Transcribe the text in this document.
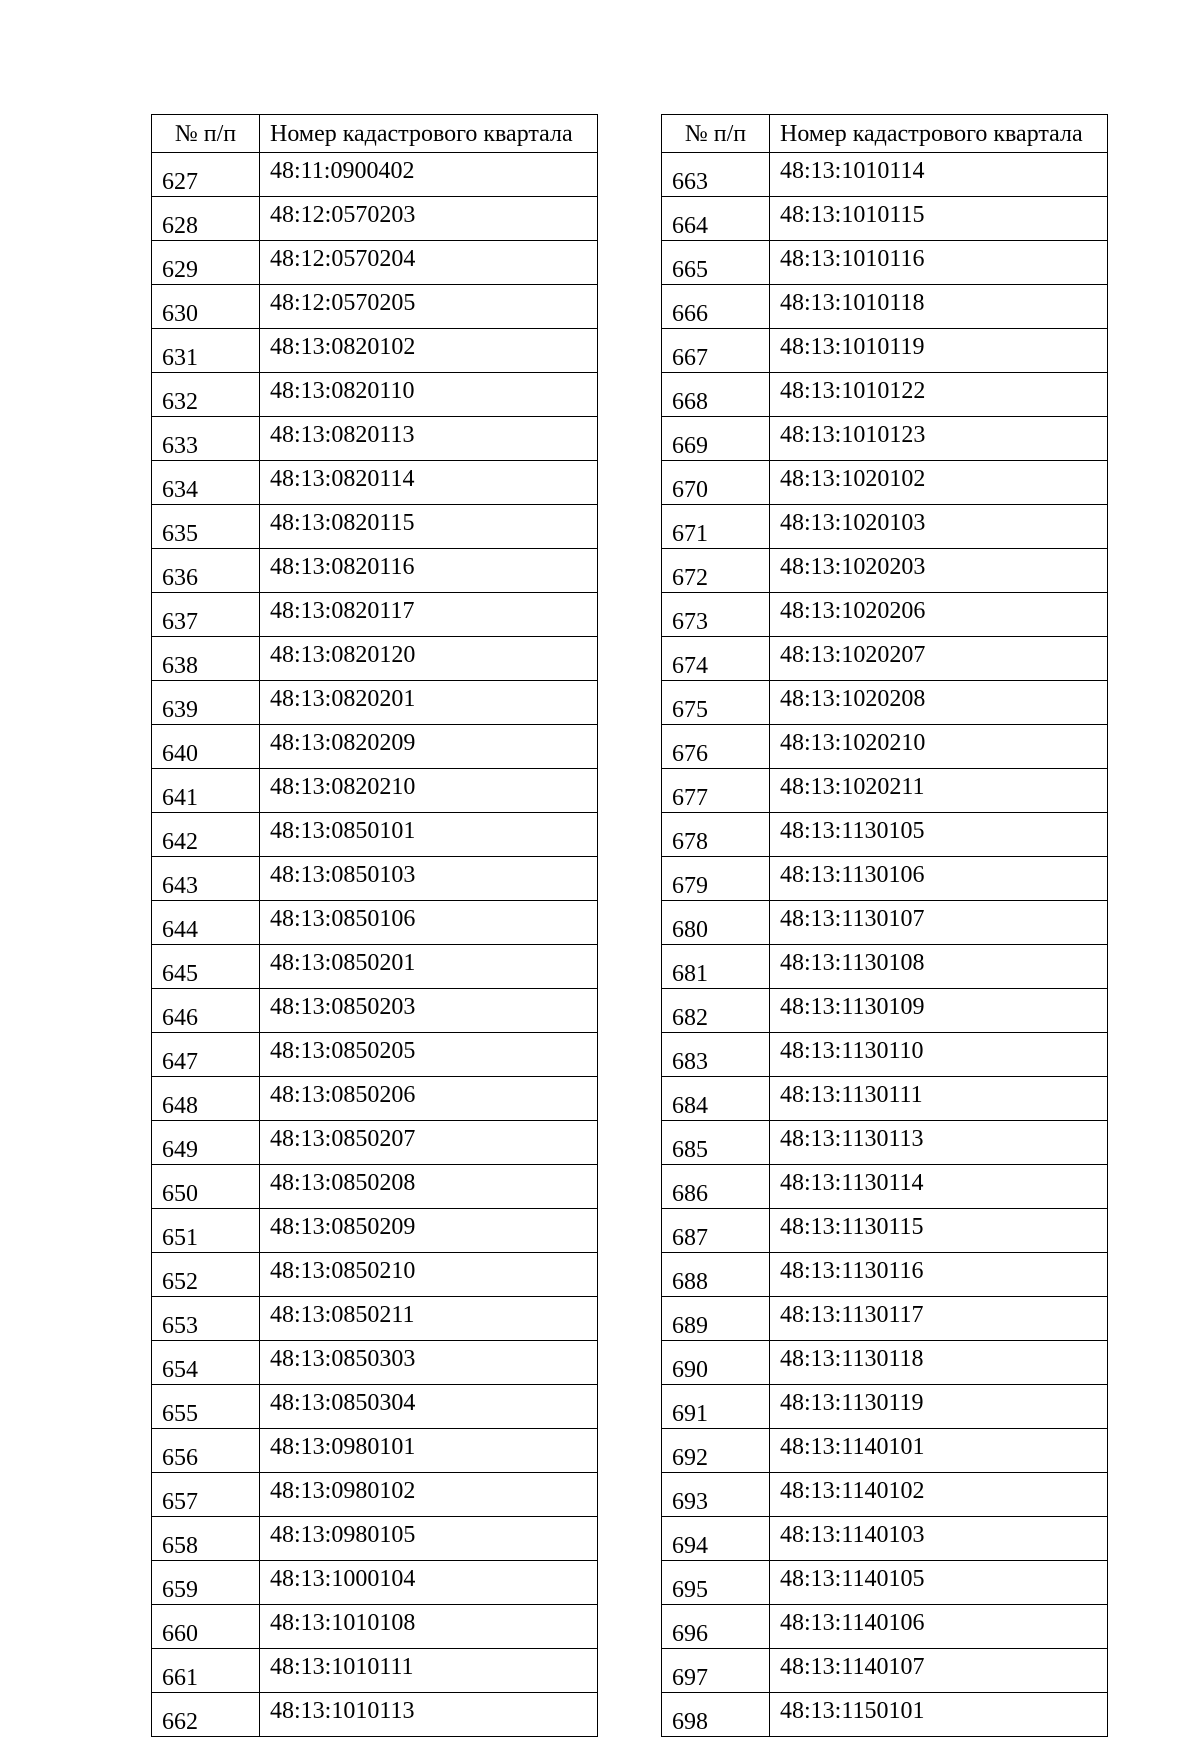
№ п/п	Номер кадастрового квартала
627	48:11:0900402
628	48:12:0570203
629	48:12:0570204
630	48:12:0570205
631	48:13:0820102
632	48:13:0820110
633	48:13:0820113
634	48:13:0820114
635	48:13:0820115
636	48:13:0820116
637	48:13:0820117
638	48:13:0820120
639	48:13:0820201
640	48:13:0820209
641	48:13:0820210
642	48:13:0850101
643	48:13:0850103
644	48:13:0850106
645	48:13:0850201
646	48:13:0850203
647	48:13:0850205
648	48:13:0850206
649	48:13:0850207
650	48:13:0850208
651	48:13:0850209
652	48:13:0850210
653	48:13:0850211
654	48:13:0850303
655	48:13:0850304
656	48:13:0980101
657	48:13:0980102
658	48:13:0980105
659	48:13:1000104
660	48:13:1010108
661	48:13:1010111
662	48:13:1010113
№ п/п	Номер кадастрового квартала
663	48:13:1010114
664	48:13:1010115
665	48:13:1010116
666	48:13:1010118
667	48:13:1010119
668	48:13:1010122
669	48:13:1010123
670	48:13:1020102
671	48:13:1020103
672	48:13:1020203
673	48:13:1020206
674	48:13:1020207
675	48:13:1020208
676	48:13:1020210
677	48:13:1020211
678	48:13:1130105
679	48:13:1130106
680	48:13:1130107
681	48:13:1130108
682	48:13:1130109
683	48:13:1130110
684	48:13:1130111
685	48:13:1130113
686	48:13:1130114
687	48:13:1130115
688	48:13:1130116
689	48:13:1130117
690	48:13:1130118
691	48:13:1130119
692	48:13:1140101
693	48:13:1140102
694	48:13:1140103
695	48:13:1140105
696	48:13:1140106
697	48:13:1140107
698	48:13:1150101
